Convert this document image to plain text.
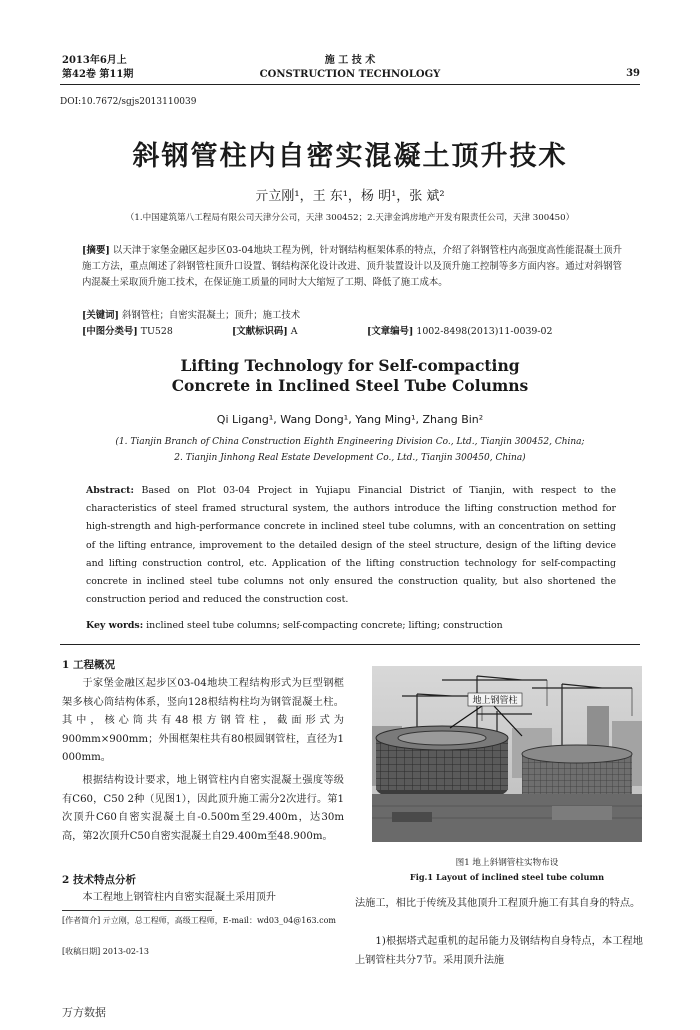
2013年6月上
第42卷 第11期
施 工 技 术
CONSTRUCTION TECHNOLOGY	39
DOI:10.7672/sgjs2013110039
斜钢管柱内自密实混凝土顶升技术
亓立刚¹，王 东¹，杨 明¹，张 斌²
（1.中国建筑第八工程局有限公司天津分公司，天津 300452；2.天津金鸿房地产开发有限责任公司，天津 300450）
[摘要] 以天津于家堡金融区起步区03-04地块工程为例，针对钢结构框架体系的特点，介绍了斜钢管柱内高强度高性能混凝土顶升施工方法，重点阐述了斜钢管柱顶升口设置、钢结构深化设计改进、顶升装置设计以及顶升施工控制等多方面内容。通过对斜钢管内混凝土采取顶升施工技术，在保证施工质量的同时大大缩短了工期、降低了施工成本。
[关键词] 斜钢管柱；自密实混凝土；顶升；施工技术
[中图分类号] TU528	[文献标识码] A	[文章编号] 1002-8498(2013)11-0039-02
Lifting Technology for Self-compacting Concrete in Inclined Steel Tube Columns
Qi Ligang¹, Wang Dong¹, Yang Ming¹, Zhang Bin²
(1. Tianjin Branch of China Construction Eighth Engineering Division Co., Ltd., Tianjin 300452, China;
2. Tianjin Jinhong Real Estate Development Co., Ltd., Tianjin 300450, China)
Abstract: Based on Plot 03-04 Project in Yujiapu Financial District of Tianjin, with respect to the characteristics of steel framed structural system, the authors introduce the lifting construction method for high-strength and high-performance concrete in inclined steel tube columns, with an concentration on setting of the lifting entrance, improvement to the detailed design of the steel structure, design of the lifting device and lifting construction control, etc. Application of the lifting construction technology for self-compacting concrete in inclined steel tube columns not only ensured the construction quality, but also shortened the construction period and reduced the construction cost.
Key words: inclined steel tube columns; self-compacting concrete; lifting; construction
1 工程概况
于家堡金融区起步区03-04地块工程结构形式为巨型钢框架多核心筒结构体系，竖向128根结构柱均为钢管混凝土柱。其中，核心筒共有48根方钢管柱，截面形式为900mm×900mm；外围框架柱共有80根圆钢管柱，直径为1 000mm。
根据结构设计要求，地上钢管柱内自密实混凝土强度等级有C60，C50 2种（见图1），因此顶升施工需分2次进行。第1次顶升C60自密实混凝土自-0.500m至29.400m，达30m高，第2次顶升C50自密实混凝土自29.400m至48.900m。
2 技术特点分析
本工程地上钢管柱内自密实混凝土采用顶升
[作者简介] 亓立刚，总工程师，高级工程师，E-mail：wd03_04@163.com
[收稿日期] 2013-02-13
地上钢管柱
图1 地上斜钢管柱实物布设
Fig.1 Layout of inclined steel tube column
法施工，相比于传统及其他顶升工程顶升施工有其自身的特点。
1)根据塔式起重机的起吊能力及钢结构自身特点，本工程地上钢管柱共分7节。采用顶升法施
万方数据
